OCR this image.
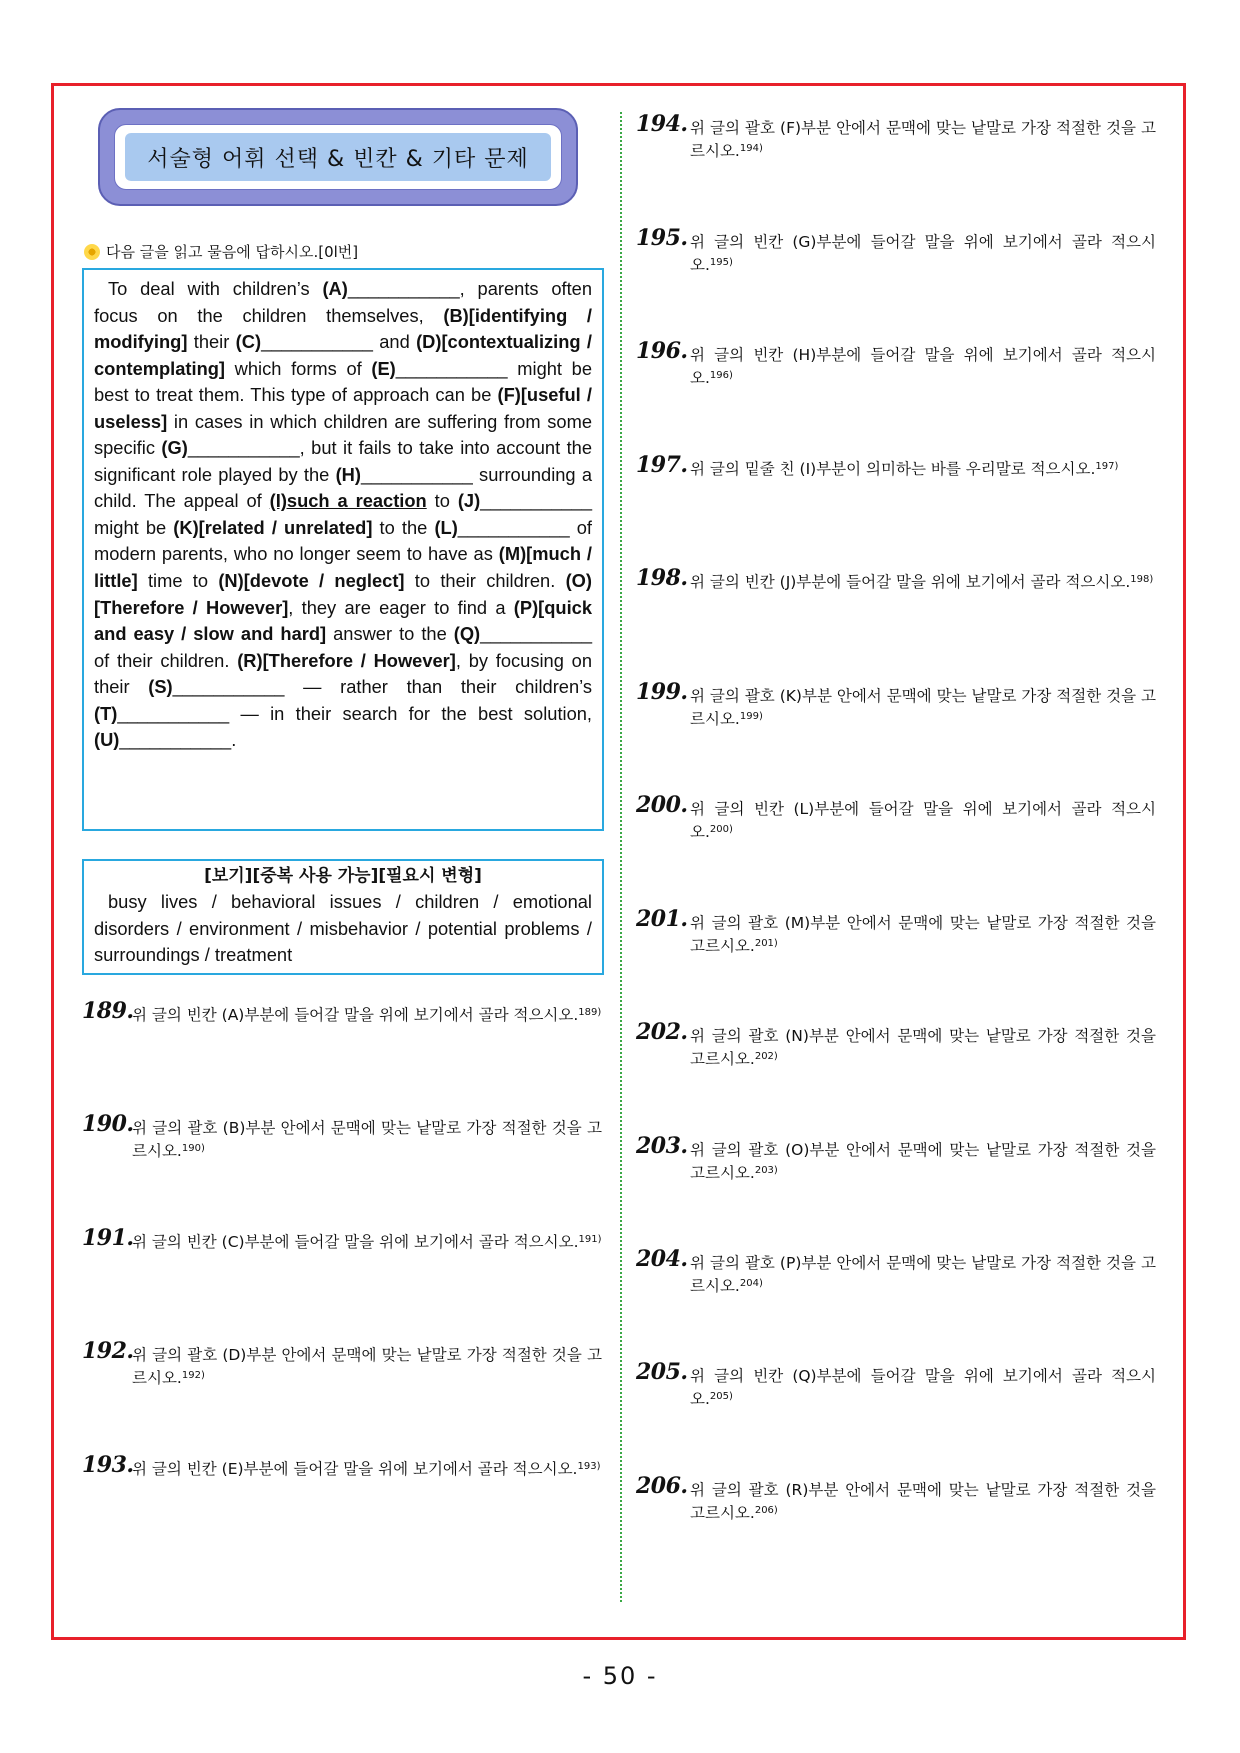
서술형 어휘 선택 & 빈칸 & 기타 문제
다음 글을 읽고 물음에 답하시오.[0l번]

To deal with children’s (A)___________, parents often focus on the children themselves, (B)[identifying / modifying] their (C)___________ and (D)[contextualizing / contemplating] which forms of (E)___________ might be best to treat them. This type of approach can be (F)[useful / useless] in cases in which children are suffering from some specific (G)___________, but it fails to take into account the significant role played by the (H)___________ surrounding a child. The appeal of (I)such a reaction to (J)___________ might be (K)[related / unrelated] to the (L)___________ of modern parents, who no longer seem to have as (M)[much / little] time to (N)[devote / neglect] to their children. (O)[Therefore / However], they are eager to find a (P)[quick and easy / slow and hard] answer to the (Q)___________ of their children. (R)[Therefore / However], by focusing on their (S)___________ — rather than their children’s (T)___________ — in their search for the best solution, (U)___________.

[보기][중복 사용 가능][필요시 변형]

busy lives / behavioral issues / children / emotional disorders / environment / misbehavior / potential problems / surroundings / treatment

189.
위 글의 빈칸 (A)부분에 들어갈 말을 위에 보기에서 골라 적으시오.$^{189)}$
190.
위 글의 괄호 (B)부분 안에서 문맥에 맞는 낱말로 가장 적절한 것을 고르시오.$^{190)}$
191.
위 글의 빈칸 (C)부분에 들어갈 말을 위에 보기에서 골라 적으시오.$^{191)}$
192.
위 글의 괄호 (D)부분 안에서 문맥에 맞는 낱말로 가장 적절한 것을 고르시오.$^{192)}$
193.
위 글의 빈칸 (E)부분에 들어갈 말을 위에 보기에서 골라 적으시오.$^{193)}$
194. 위 글의 괄호 (F)부분 안에서 문맥에 맞는 낱말로 가장 적절한 것을 고르시오.$^{194)}$
195. 위 글의 빈칸 (G)부분에 들어갈 말을 위에 보기에서 골라 적으시오.$^{195)}$
196. 위 글의 빈칸 (H)부분에 들어갈 말을 위에 보기에서 골라 적으시오.$^{196)}$
197. 위 글의 밑줄 친 (I)부분이 의미하는 바를 우리말로 적으시오.$^{197)}$
198. 위 글의 빈칸 (J)부분에 들어갈 말을 위에 보기에서 골라 적으시오.$^{198)}$
199. 위 글의 괄호 (K)부분 안에서 문맥에 맞는 낱말로 가장 적절한 것을 고르시오.$^{199)}$
200. 위 글의 빈칸 (L)부분에 들어갈 말을 위에 보기에서 골라 적으시오.$^{200)}$
201. 위 글의 괄호 (M)부분 안에서 문맥에 맞는 낱말로 가장 적절한 것을 고르시오.$^{201)}$
202. 위 글의 괄호 (N)부분 안에서 문맥에 맞는 낱말로 가장 적절한 것을 고르시오.$^{202)}$
203. 위 글의 괄호 (O)부분 안에서 문맥에 맞는 낱말로 가장 적절한 것을 고르시오.$^{203)}$
204. 위 글의 괄호 (P)부분 안에서 문맥에 맞는 낱말로 가장 적절한 것을 고르시오.$^{204)}$
205. 위 글의 빈칸 (Q)부분에 들어갈 말을 위에 보기에서 골라 적으시오.$^{205)}$
206. 위 글의 괄호 (R)부분 안에서 문맥에 맞는 낱말로 가장 적절한 것을 고르시오.$^{206)}$
- 50 -
